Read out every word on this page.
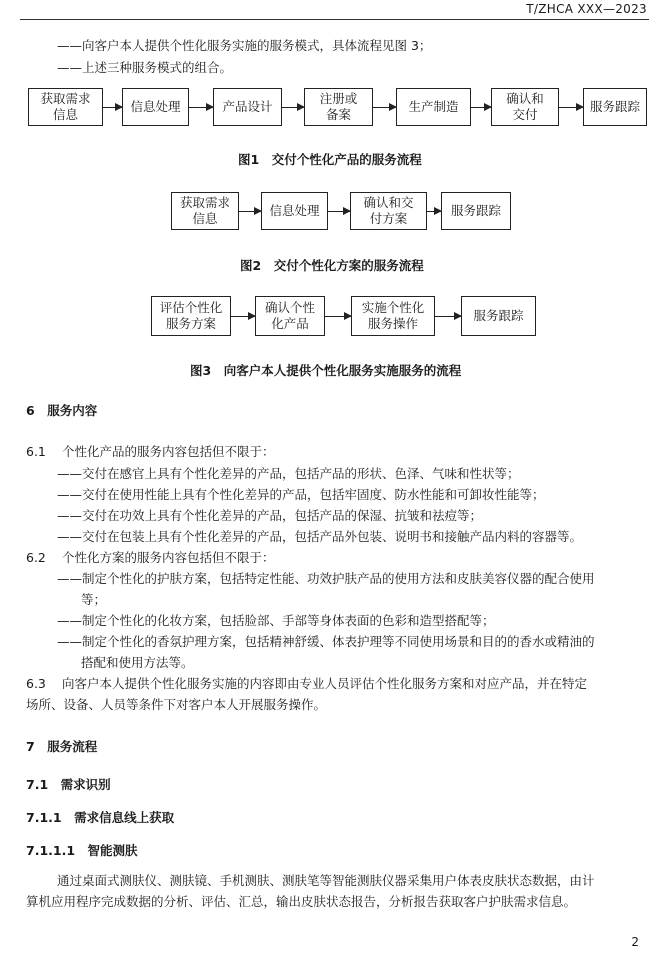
T/ZHCA XXX—2023
——向客户本人提供个性化服务实施的服务模式，具体流程见图 3；
——上述三种服务模式的组合。
获取需求
信息
信息处理	产品设计
注册或
备案
生产制造
确认和
交付
服务跟踪
图1　交付个性化产品的服务流程
获取需求
信息
信息处理
确认和交
付方案
服务跟踪
图2　交付个性化方案的服务流程
评估个性化
服务方案
确认个性
化产品
实施个性化
服务操作
服务跟踪
图3　向客户本人提供个性化服务实施服务的流程
6　服务内容
6.1 个性化产品的服务内容包括但不限于：
——交付在感官上具有个性化差异的产品，包括产品的形状、色泽、气味和性状等；
——交付在使用性能上具有个性化差异的产品，包括牢固度、防水性能和可卸妆性能等；
——交付在功效上具有个性化差异的产品，包括产品的保湿、抗皱和祛痘等；
——交付在包装上具有个性化差异的产品，包括产品外包装、说明书和接触产品内料的容器等。
6.2 个性化方案的服务内容包括但不限于：
——制定个性化的护肤方案，包括特定性能、功效护肤产品的使用方法和皮肤美容仪器的配合使用
等；
——制定个性化的化妆方案，包括脸部、手部等身体表面的色彩和造型搭配等；
——制定个性化的香氛护理方案，包括精神舒缓、体表护理等不同使用场景和目的的香水或精油的
搭配和使用方法等。
6.3 向客户本人提供个性化服务实施的内容即由专业人员评估个性化服务方案和对应产品，并在特定
场所、设备、人员等条件下对客户本人开展服务操作。
7　服务流程
7.1　需求识别
7.1.1　需求信息线上获取
7.1.1.1　智能测肤
通过桌面式测肤仪、测肤镜、手机测肤、测肤笔等智能测肤仪器采集用户体表皮肤状态数据，由计
算机应用程序完成数据的分析、评估、汇总，输出皮肤状态报告，分析报告获取客户护肤需求信息。
2
